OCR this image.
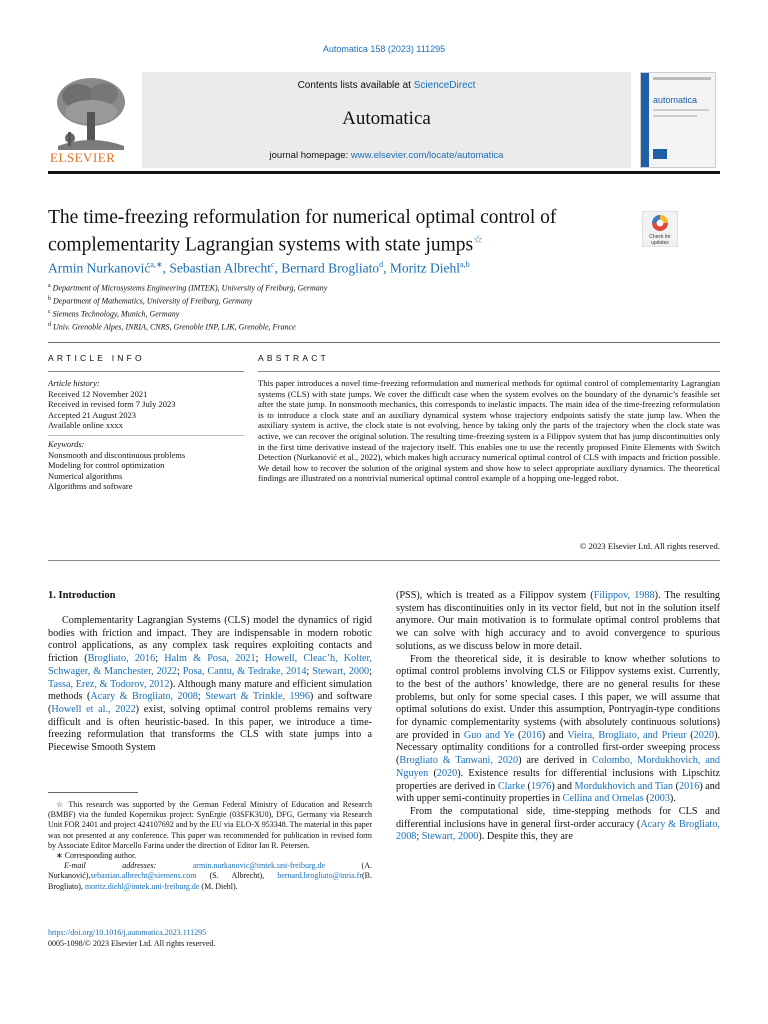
Automatica 158 (2023) 111295
ELSEVIER
Contents lists available at ScienceDirect
Automatica
journal homepage: www.elsevier.com/locate/automatica
automatica
The time-freezing reformulation for numerical optimal control of
complementarity Lagrangian systems with state jumps☆	Check for
updates
Armin Nurkanović$^{a,∗}$, Sebastian Albrecht$^c$, Bernard Brogliato$^d$, Moritz Diehl$^{a,b}$
$^a$ Department of Microsystems Engineering (IMTEK), University of Freiburg, Germany
$^b$ Department of Mathematics, University of Freiburg, Germany
$^c$ Siemens Technology, Munich, Germany
$^d$ Univ. Grenoble Alpes, INRIA, CNRS, Grenoble INP, LJK, Grenoble, France
ARTICLE INFO	ABSTRACT
Article history:
Received 12 November 2021
Received in revised form 7 July 2023
Accepted 21 August 2023
Available online xxxx
Keywords:
Nonsmooth and discontinuous problems
Modeling for control optimization
Numerical algorithms
Algorithms and software
This paper introduces a novel time-freezing reformulation and numerical methods for optimal control of complementarity Lagrangian systems (CLS) with state jumps. We cover the difficult case when the system evolves on the boundary of the dynamic’s feasible set after the state jump. In nonsmooth mechanics, this corresponds to inelastic impacts. The main idea of the time-freezing reformulation is to introduce a clock state and an auxiliary dynamical system whose trajectory endpoints satisfy the state jump law. When the auxiliary system is active, the clock state is not evolving, hence by taking only the parts of the trajectory when the clock state was active, we can recover the original solution. The resulting time-freezing system is a Filippov system that has jump discontinuities only in the first time derivative instead of the trajectory itself. This enables one to use the recently proposed Finite Elements with Switch Detection (Nurkanović et al., 2022), which makes high accuracy numerical optimal control of CLS with impacts and friction possible. We detail how to recover the solution of the original system and show how to select appropriate auxiliary dynamics. The theoretical findings are illustrated on a nontrivial numerical optimal control example of a hopping one-legged robot.
© 2023 Elsevier Ltd. All rights reserved.
1. Introduction

Complementarity Lagrangian Systems (CLS) model the dynamics of rigid bodies with friction and impact. They are indispensable in modern robotic control applications, as any complex task requires exploiting contacts and friction (Brogliato, 2016; Halm & Posa, 2021; Howell, Cleac’h, Kolter, Schwager, & Manchester, 2022; Posa, Cantu, & Tedrake, 2014; Stewart, 2000; Tassa, Erez, & Todorov, 2012). Although many mature and efficient simulation methods (Acary & Brogliato, 2008; Stewart & Trinkle, 1996) and software (Howell et al., 2022) exist, solving optimal control problems remains very difficult and is often heuristic-based. In this paper, we introduce a time-freezing reformulation that transforms the CLS with state jumps into a Piecewise Smooth System

(PSS), which is treated as a Filippov system (Filippov, 1988). The resulting system has discontinuities only in its vector field, but not in the solution itself anymore. Our main motivation is to formulate optimal control problems that we can solve with high accuracy and to avoid convergence to spurious solutions, as we discuss below in more detail.

From the theoretical side, it is desirable to know whether solutions to optimal control problems involving CLS or Filippov systems exist. Currently, to the best of the authors’ knowledge, there are no general results for these problems, but only for some special cases. I this paper, we will assume that optimal solutions do exist. Under this assumption, Pontryagin-type conditions for dynamic complementarity systems (with absolutely continuous solutions) are provided in Guo and Ye (2016) and Vieira, Brogliato, and Prieur (2020). Necessary optimality conditions for a controlled first-order sweeping process (Brogliato & Tanwani, 2020) are derived in Colombo, Mordukhovich, and Nguyen (2020). Existence results for differential inclusions with Lipschitz properties are derived in Clarke (1976) and Mordukhovich and Tian (2016) and with upper semi-continuity properties in Cellina and Ornelas (2003).

From the computational side, time-stepping methods for CLS and differential inclusions have in general first-order accuracy (Acary & Brogliato, 2008; Stewart, 2000). Despite this, they are

☆ This research was supported by the German Federal Ministry of Education and Research (BMBF) via the funded Kopernikus project: SynErgie (03SFK3U0), DFG, Germany via Research Unit FOR 2401 and project 424107692 and by the EU via ELO-X 953348. The material in this paper was not presented at any conference. This paper was recommended for publication in revised form by Associate Editor Marcello Farina under the direction of Editor Ian R. Petersen.

∗ Corresponding author.

E-mail addresses:	armin.nurkanovic@imtek.uni-freiburg.de (A. Nurkanović),sebastian.albrecht@siemens.com (S. Albrecht), bernard.brogliato@inria.fr(B. Brogliato), moritz.diehl@imtek.uni-freiburg.de (M. Diehl).

https://doi.org/10.1016/j.automatica.2023.111295
0005-1098/© 2023 Elsevier Ltd. All rights reserved.
